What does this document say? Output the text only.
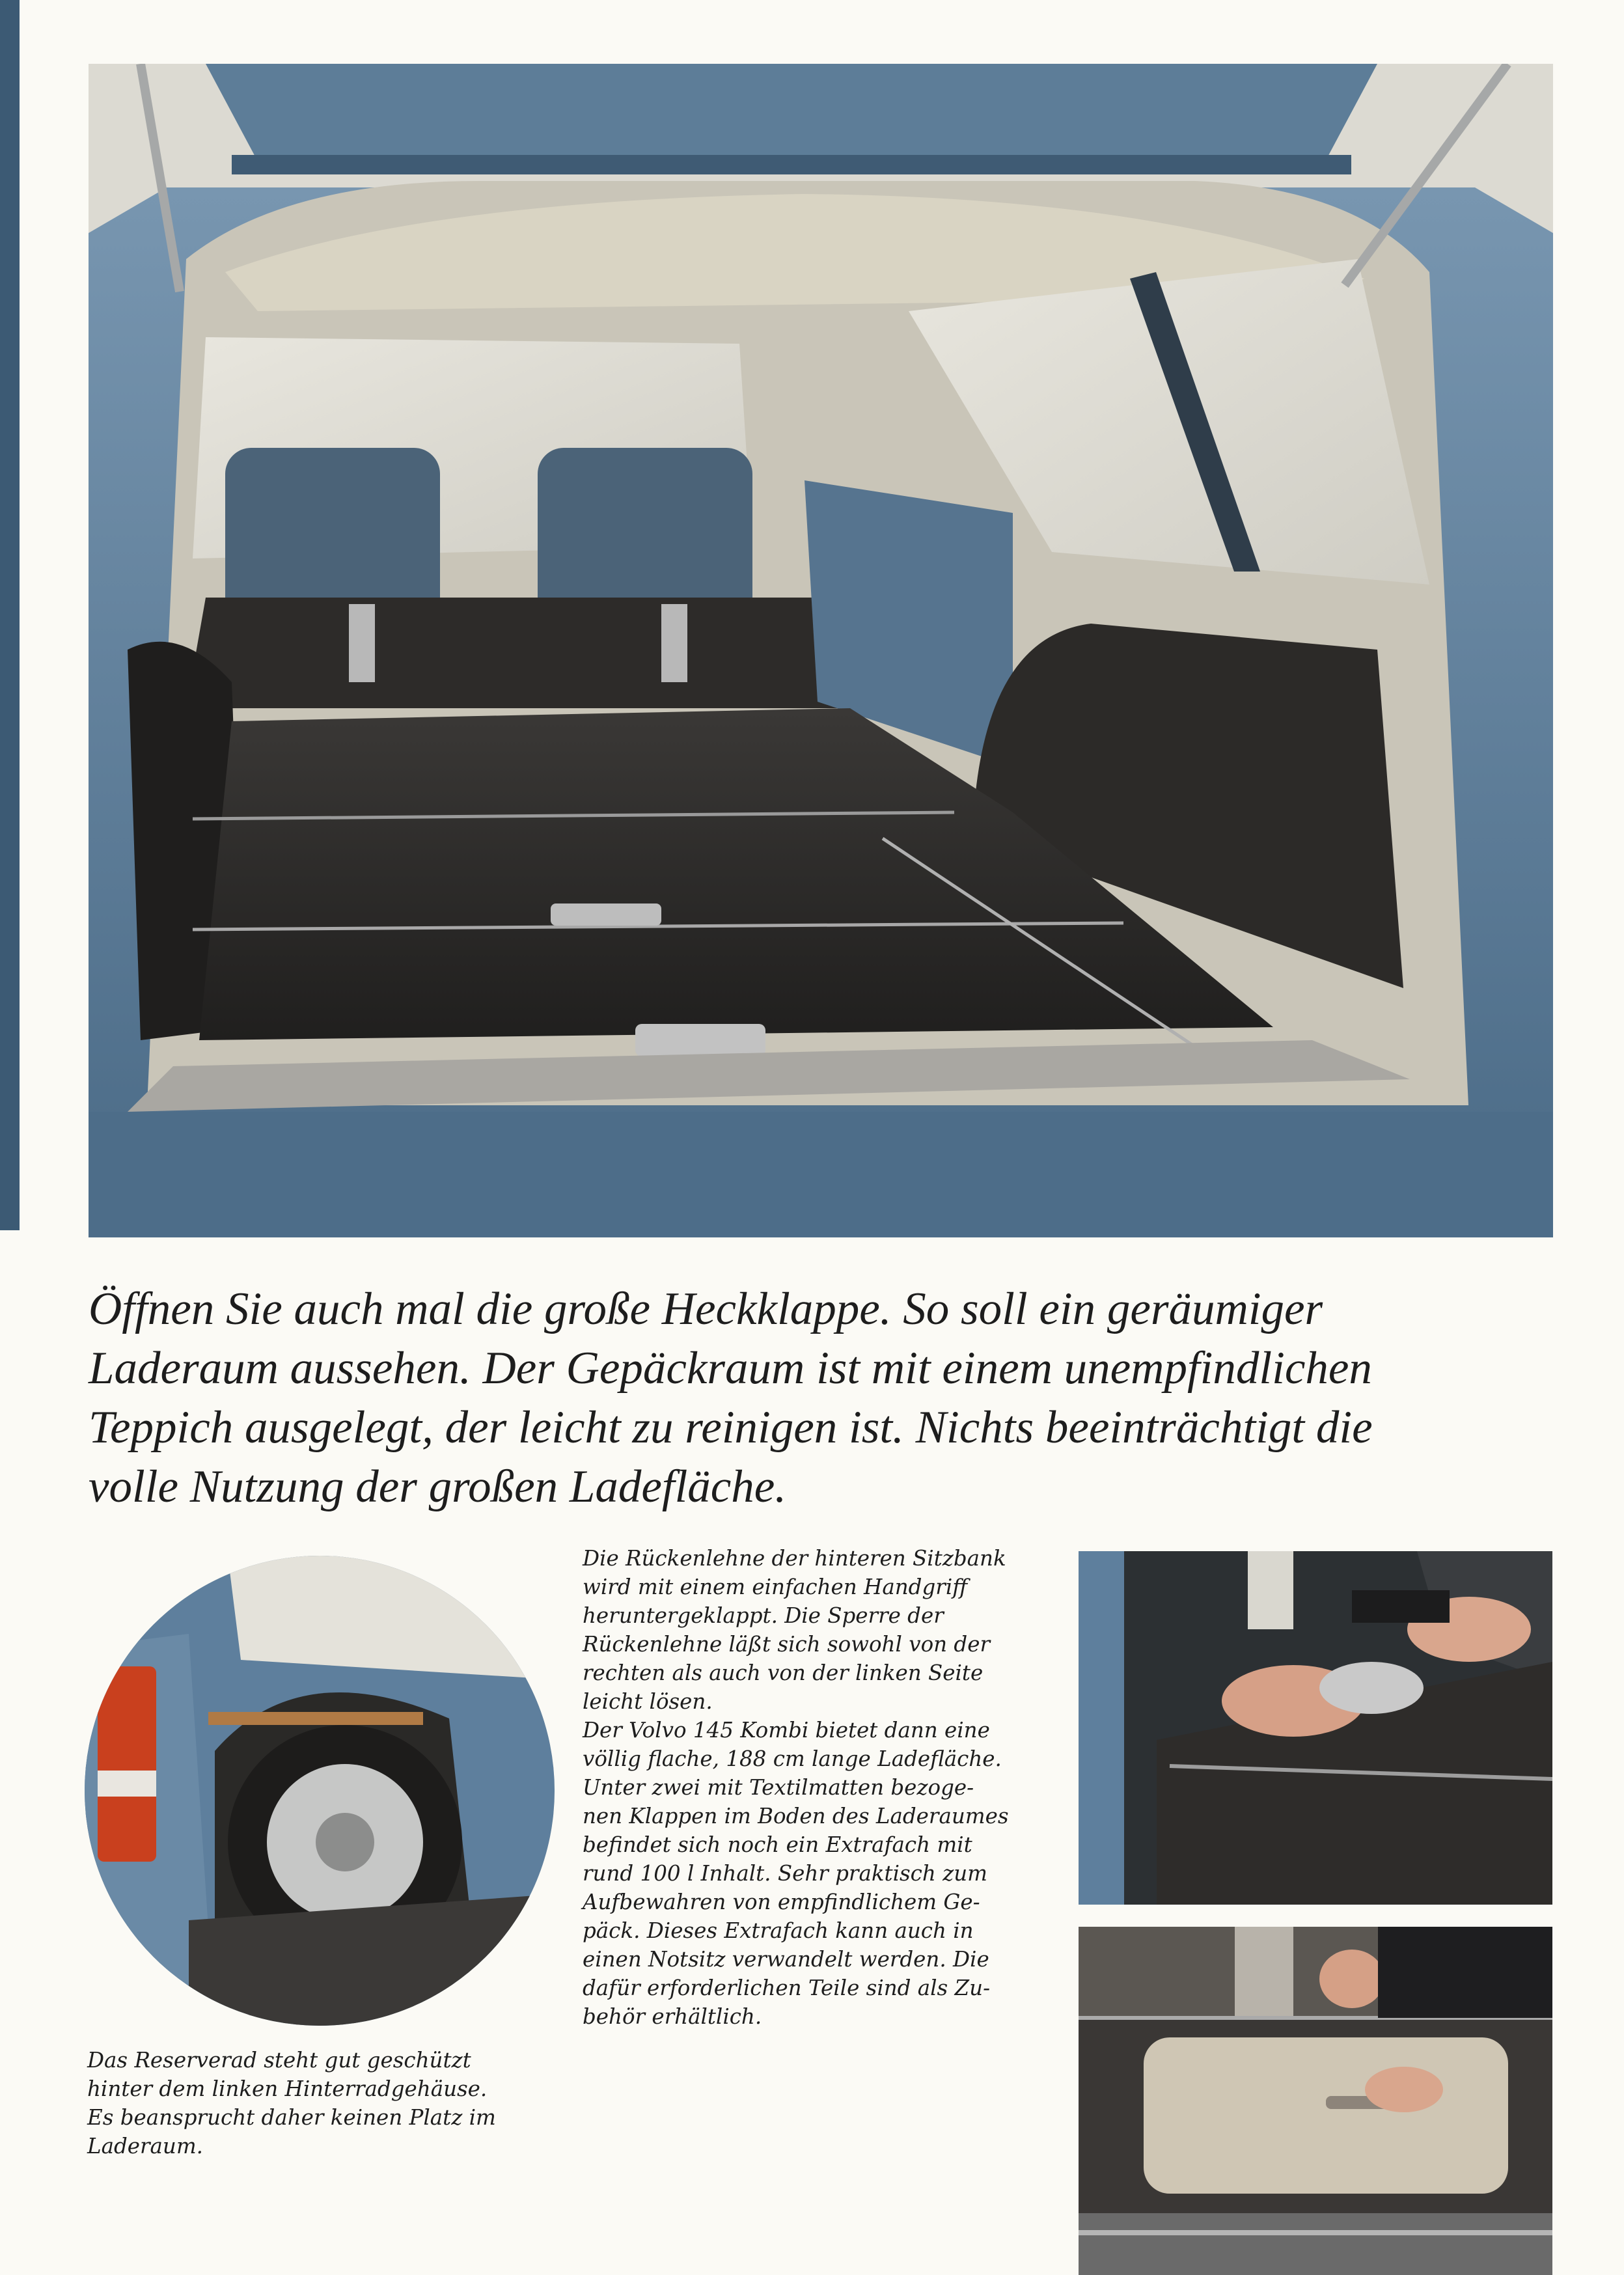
Öffnen Sie auch mal die große Heckklappe. So soll ein geräumiger
Laderaum aussehen. Der Gepäckraum ist mit einem unempfindlichen
Teppich ausgelegt, der leicht zu reinigen ist. Nichts beeinträchtigt die
volle Nutzung der großen Ladefläche.
Die Rückenlehne der hinteren Sitzbank
wird mit einem einfachen Handgriff
heruntergeklappt. Die Sperre der
Rückenlehne läßt sich sowohl von der
rechten als auch von der linken Seite
leicht lösen.
Der Volvo 145 Kombi bietet dann eine
völlig flache, 188 cm lange Ladefläche.
Unter zwei mit Textilmatten bezoge-
nen Klappen im Boden des Laderaumes
befindet sich noch ein Extrafach mit
rund 100 l Inhalt. Sehr praktisch zum
Aufbewahren von empfindlichem Ge-
päck. Dieses Extrafach kann auch in
einen Notsitz verwandelt werden. Die
dafür erforderlichen Teile sind als Zu-
behör erhältlich.
Das Reserverad steht gut geschützt
hinter dem linken Hinterradgehäuse.
Es beansprucht daher keinen Platz im
Laderaum.
